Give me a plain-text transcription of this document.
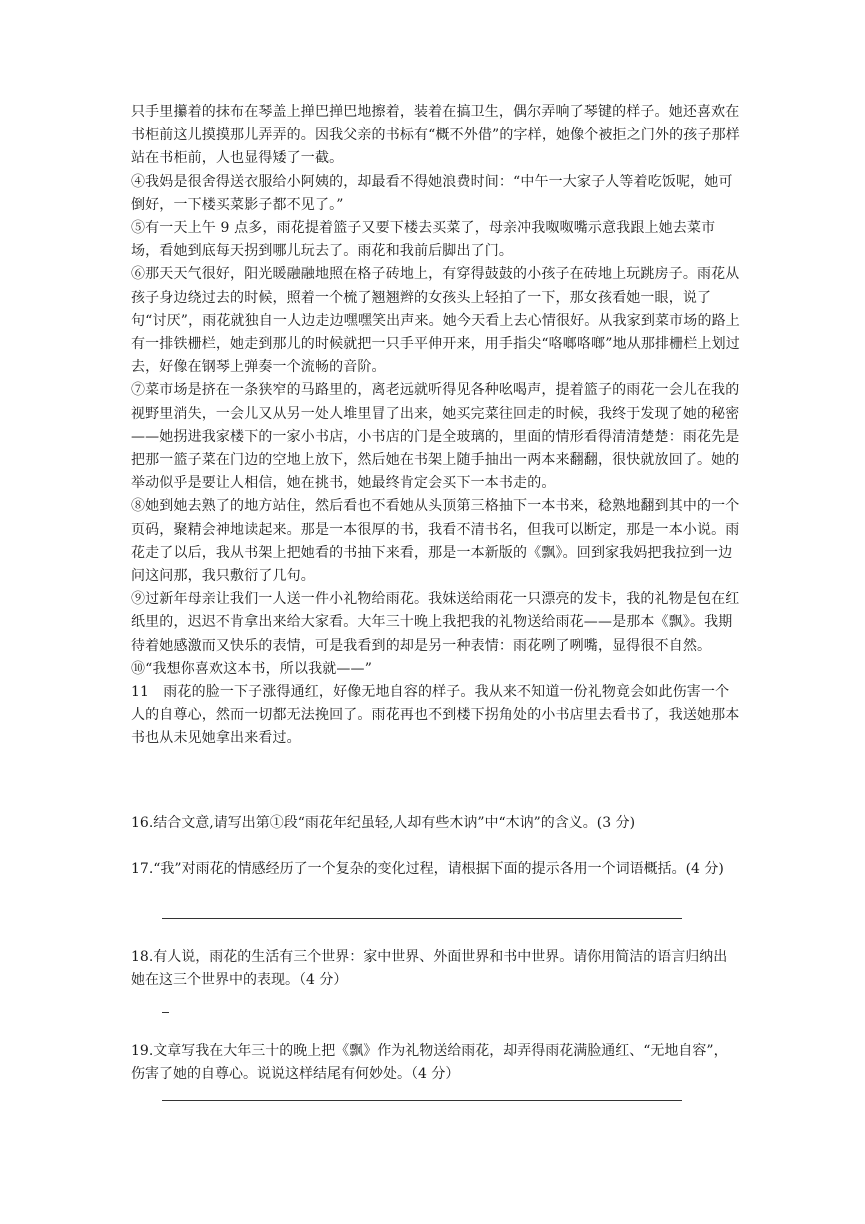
只手里攥着的抹布在琴盖上掸巴掸巴地擦着，装着在搞卫生，偶尔弄响了琴键的样子。她还喜欢在书柜前这儿摸摸那儿弄弄的。因我父亲的书标有“概不外借”的字样，她像个被拒之门外的孩子那样站在书柜前，人也显得矮了一截。

④我妈是很舍得送衣服给小阿姨的，却最看不得她浪费时间：“中午一大家子人等着吃饭呢，她可倒好，一下楼买菜影子都不见了。”

⑤有一天上午 9 点多，雨花提着篮子又要下楼去买菜了，母亲冲我呶呶嘴示意我跟上她去菜市场，看她到底每天拐到哪儿玩去了。雨花和我前后脚出了门。

⑥那天天气很好，阳光暖融融地照在格子砖地上，有穿得鼓鼓的小孩子在砖地上玩跳房子。雨花从孩子身边绕过去的时候，照着一个梳了翘翘辫的女孩头上轻拍了一下，那女孩看她一眼，说了句“讨厌”，雨花就独自一人边走边嘿嘿笑出声来。她今天看上去心情很好。从我家到菜市场的路上有一排铁栅栏，她走到那儿的时候就把一只手平伸开来，用手指尖“咯啷咯啷”地从那排栅栏上划过去，好像在钢琴上弹奏一个流畅的音阶。

⑦菜市场是挤在一条狭窄的马路里的，离老远就听得见各种吆喝声，提着篮子的雨花一会儿在我的视野里消失，一会儿又从另一处人堆里冒了出来，她买完菜往回走的时候，我终于发现了她的秘密——她拐进我家楼下的一家小书店，小书店的门是全玻璃的，里面的情形看得清清楚楚：雨花先是把那一篮子菜在门边的空地上放下，然后她在书架上随手抽出一两本来翻翻，很快就放回了。她的举动似乎是要让人相信，她在挑书，她最终肯定会买下一本书走的。

⑧她到她去熟了的地方站住，然后看也不看她从头顶第三格抽下一本书来，稔熟地翻到其中的一个页码，聚精会神地读起来。那是一本很厚的书，我看不清书名，但我可以断定，那是一本小说。雨花走了以后，我从书架上把她看的书抽下来看，那是一本新版的《飘》。回到家我妈把我拉到一边问这问那，我只敷衍了几句。

⑨过新年母亲让我们一人送一件小礼物给雨花。我妹送给雨花一只漂亮的发卡，我的礼物是包在红纸里的，迟迟不肯拿出来给大家看。大年三十晚上我把我的礼物送给雨花——是那本《飘》。我期待着她感激而又快乐的表情，可是我看到的却是另一种表情：雨花咧了咧嘴，显得很不自然。

⑩“我想你喜欢这本书，所以我就——”

11　雨花的脸一下子涨得通红，好像无地自容的样子。我从来不知道一份礼物竟会如此伤害一个人的自尊心，然而一切都无法挽回了。雨花再也不到楼下拐角处的小书店里去看书了，我送她那本书也从未见她拿出来看过。

16.结合文意,请写出第①段“雨花年纪虽轻,人却有些木讷”中“木讷”的含义。(3 分)

17.“我”对雨花的情感经历了一个复杂的变化过程，请根据下面的提示各用一个词语概括。(4 分)

18.有人说，雨花的生活有三个世界：家中世界、外面世界和书中世界。请你用简洁的语言归纳出她在这三个世界中的表现。（4 分）

19.文章写我在大年三十的晚上把《飘》作为礼物送给雨花，却弄得雨花满脸通红、“无地自容”，伤害了她的自尊心。说说这样结尾有何妙处。（4 分）
